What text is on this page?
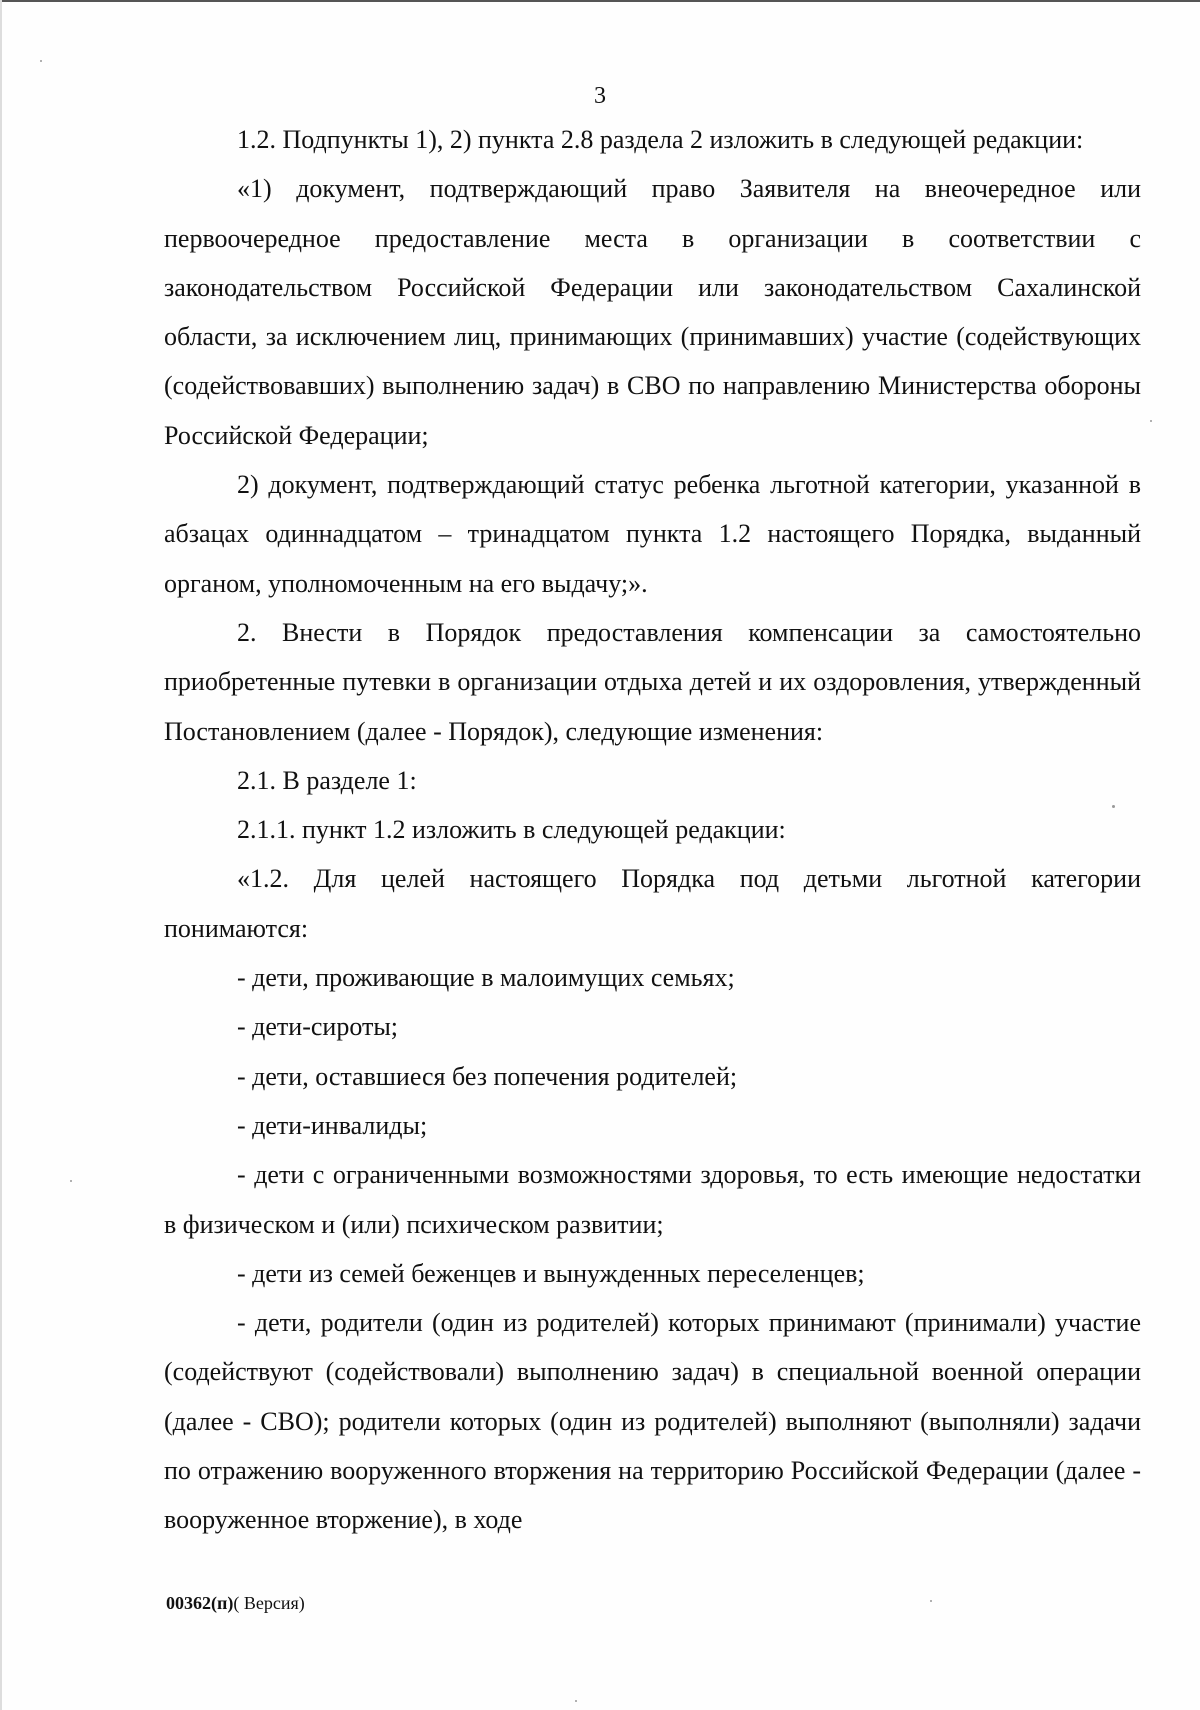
3

1.2. Подпункты 1), 2) пункта 2.8 раздела 2 изложить в следующей редакции:

«1) документ, подтверждающий право Заявителя на внеочередное или первоочередное предоставление места в организации в соответствии с законодательством Российской Федерации или законодательством Сахалинской области, за исключением лиц, принимающих (принимавших) участие (содействующих (содействовавших) выполнению задач) в СВО по направлению Министерства обороны Российской Федерации;

2) документ, подтверждающий статус ребенка льготной категории, указанной в абзацах одиннадцатом – тринадцатом пункта 1.2 настоящего Порядка, выданный органом, уполномоченным на его выдачу;».

2. Внести в Порядок предоставления компенсации за самостоятельно приобретенные путевки в организации отдыха детей и их оздоровления, утвержденный Постановлением (далее - Порядок), следующие изменения:

2.1. В разделе 1:

2.1.1. пункт 1.2 изложить в следующей редакции:

«1.2. Для целей настоящего Порядка под детьми льготной категории понимаются:

- дети, проживающие в малоимущих семьях;

- дети-сироты;

- дети, оставшиеся без попечения родителей;

- дети-инвалиды;

- дети с ограниченными возможностями здоровья, то есть имеющие недостатки в физическом и (или) психическом развитии;

- дети из семей беженцев и вынужденных переселенцев;

- дети, родители (один из родителей) которых принимают (принимали) участие (содействуют (содействовали) выполнению задач) в специальной военной операции (далее - СВО); родители которых (один из родителей) выполняют (выполняли) задачи по отражению вооруженного вторжения на территорию Российской Федерации (далее - вооруженное вторжение), в ходе

00362(п)( Версия)
